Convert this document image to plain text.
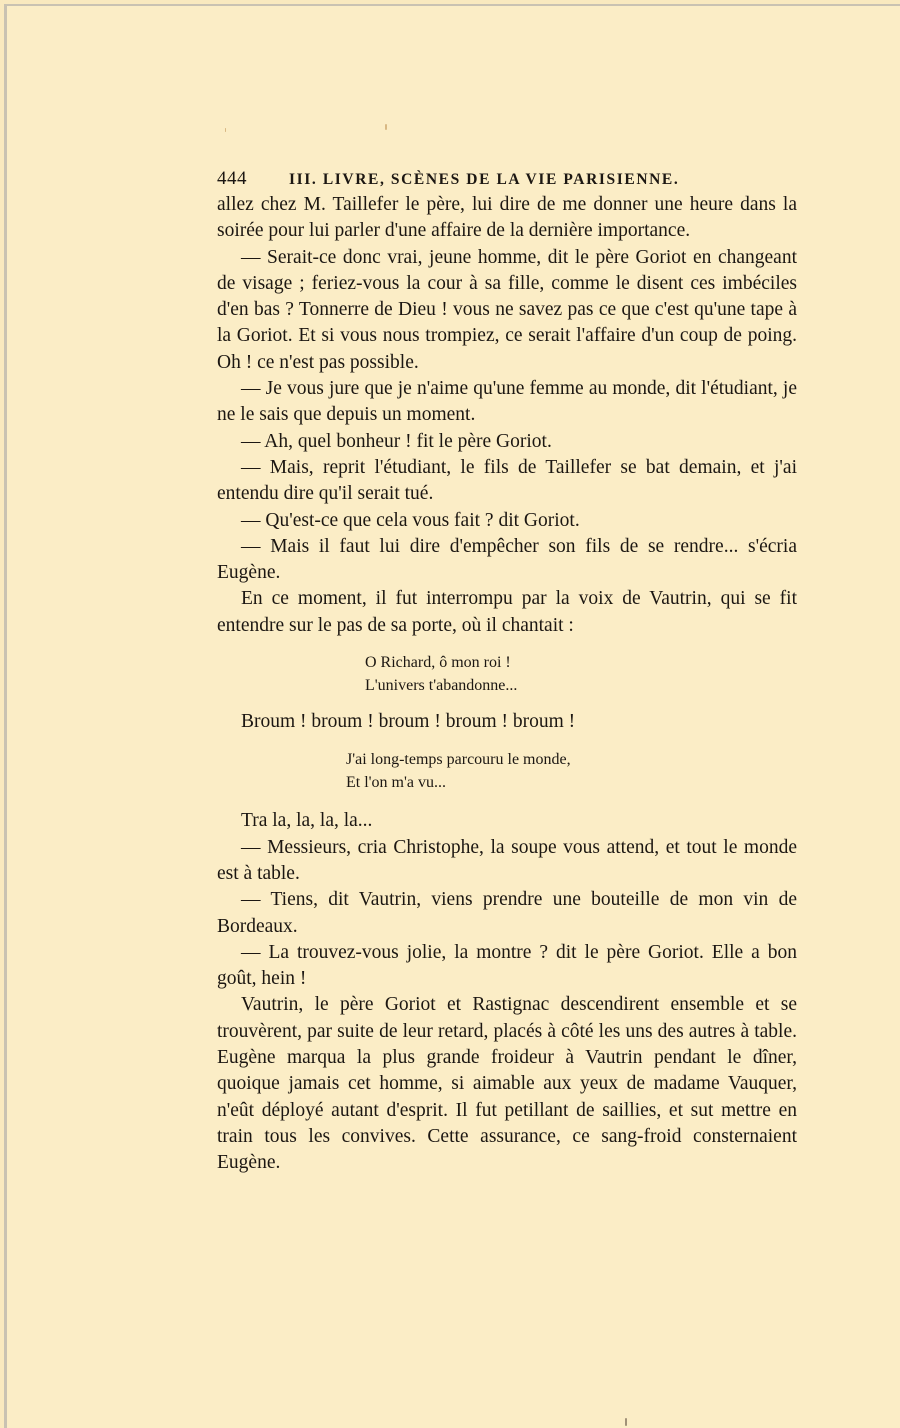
444	III. LIVRE, SCÈNES DE LA VIE PARISIENNE.

allez chez M. Taillefer le père, lui dire de me donner une heure dans la soirée pour lui parler d'une affaire de la dernière importance.

— Serait-ce donc vrai, jeune homme, dit le père Goriot en changeant de visage ; feriez-vous la cour à sa fille, comme le disent ces imbéciles d'en bas ? Tonnerre de Dieu ! vous ne savez pas ce que c'est qu'une tape à la Goriot. Et si vous nous trompiez, ce serait l'affaire d'un coup de poing. Oh ! ce n'est pas possible.

— Je vous jure que je n'aime qu'une femme au monde, dit l'étudiant, je ne le sais que depuis un moment.

— Ah, quel bonheur ! fit le père Goriot.

— Mais, reprit l'étudiant, le fils de Taillefer se bat demain, et j'ai entendu dire qu'il serait tué.

— Qu'est-ce que cela vous fait ? dit Goriot.

— Mais il faut lui dire d'empêcher son fils de se rendre... s'écria Eugène.

En ce moment, il fut interrompu par la voix de Vautrin, qui se fit entendre sur le pas de sa porte, où il chantait :

O Richard, ô mon roi !
L'univers t'abandonne...
Broum ! broum ! broum ! broum ! broum !
J'ai long-temps parcouru le monde,
Et l'on m'a vu...

Tra la, la, la, la...

— Messieurs, cria Christophe, la soupe vous attend, et tout le monde est à table.

— Tiens, dit Vautrin, viens prendre une bouteille de mon vin de Bordeaux.

— La trouvez-vous jolie, la montre ? dit le père Goriot. Elle a bon goût, hein !

Vautrin, le père Goriot et Rastignac descendirent ensemble et se trouvèrent, par suite de leur retard, placés à côté les uns des autres à table. Eugène marqua la plus grande froideur à Vautrin pendant le dîner, quoique jamais cet homme, si aimable aux yeux de madame Vauquer, n'eût déployé autant d'esprit. Il fut petillant de saillies, et sut mettre en train tous les convives. Cette assurance, ce sang-froid consternaient Eugène.
